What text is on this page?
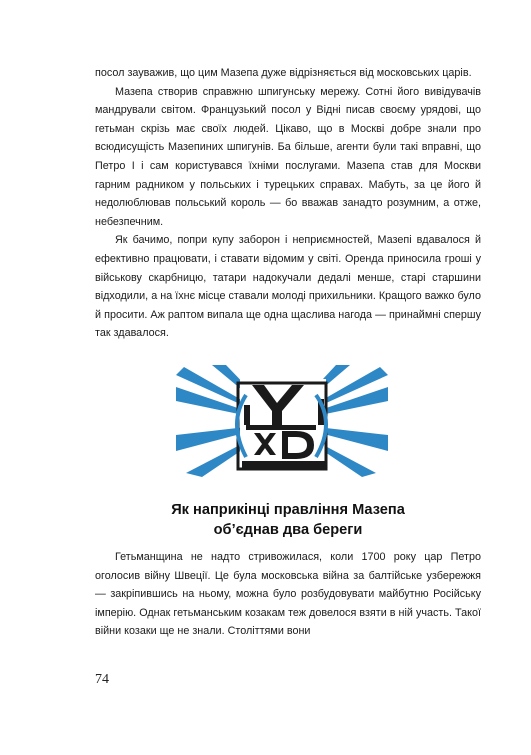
посол зауважив, що цим Мазепа дуже відрізняється від московських царів.

Мазепа створив справжню шпигунську мережу. Сотні його вивідувачів мандрували світом. Французький посол у Відні писав своєму урядові, що гетьман скрізь має своїх людей. Цікаво, що в Москві добре знали про всюдисущість Мазепиних шпигунів. Ба більше, агенти були такі вправні, що Петро І і сам користувався їхніми послугами. Мазепа став для Москви гарним радником у польських і турецьких справах. Мабуть, за це його й недолюблював польський король — бо вважав занадто розумним, а отже, небезпечним.

Як бачимо, попри купу заборон і неприємностей, Мазепі вдавалося й ефективно працювати, і ставати відомим у світі. Оренда приносила гроші у військову скарбницю, татари надокучали дедалі менше, старі старшини відходили, а на їхнє місце ставали молоді прихильники. Кращого важко було й просити. Аж раптом випала ще одна щаслива нагода — принаймні спершу так здавалося.

Як наприкінці правління Мазепа
об’єднав два береги

Гетьманщина не надто стривожилася, коли 1700 року цар Петро оголосив війну Швеції. Це була московська війна за балтійське узбережжя — закріпившись на ньому, можна було розбудовувати майбутню Російську імперію. Однак гетьманським козакам теж довелося взяти в ній участь. Такої війни козаки ще не знали. Століттями вони

74
